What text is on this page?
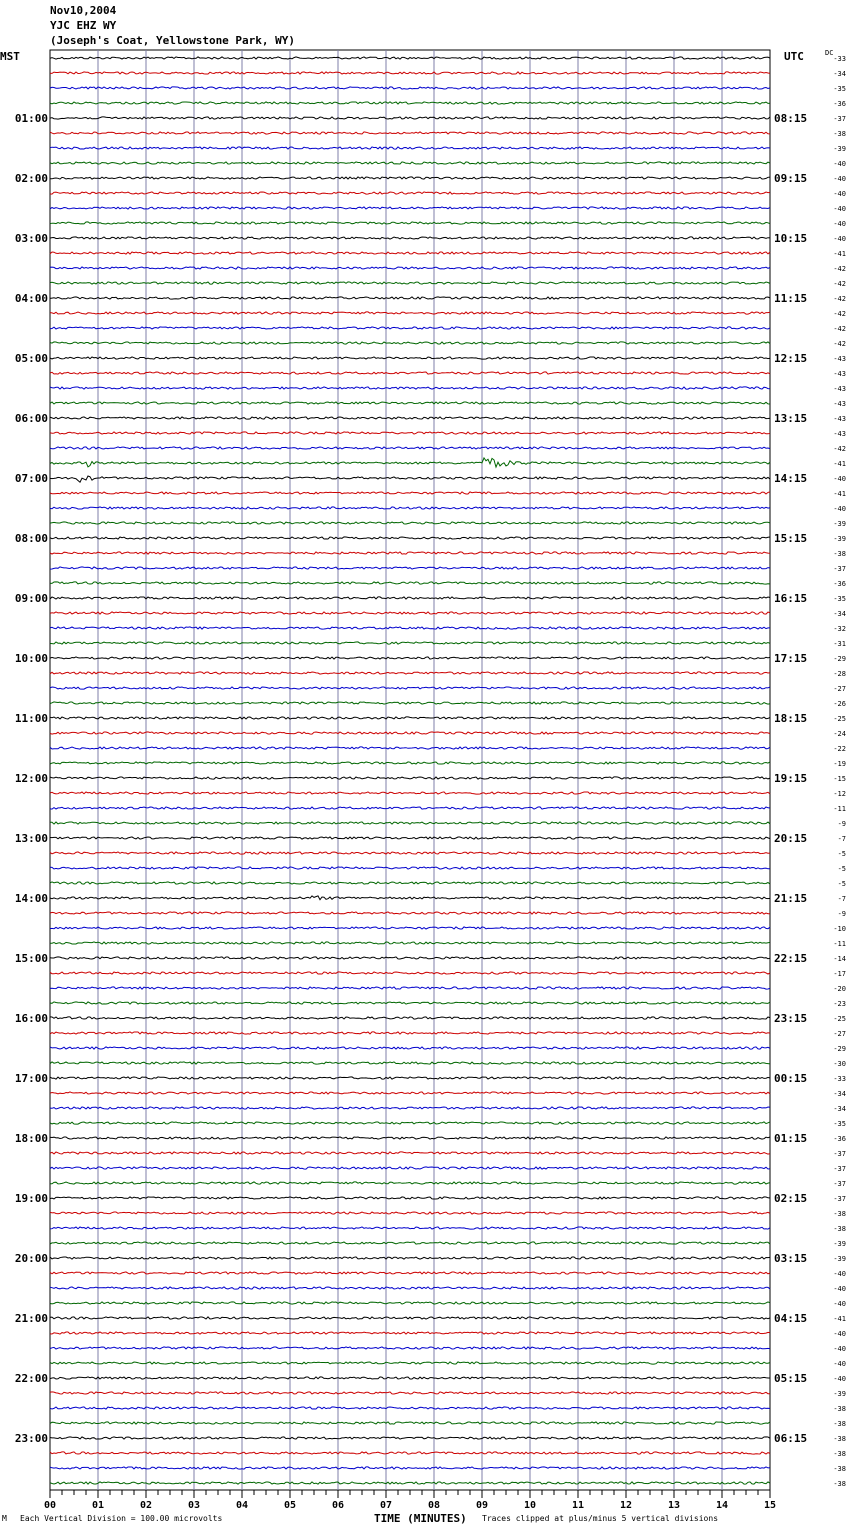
Nov10,2004
YJC EHZ WY
(Joseph's Coat, Yellowstone Park, WY)
MST	UTC	DC
-33
-34
-35
-36
-37
-38
-39
-40
-40
-40
-40
-40
-40
-41
-42
-42
-42
-42
-42
-42
-43
-43
-43
-43
-43
-43
-42
-41
-40
-41
-40
-39
-39
-38
-37
-36
-35
-34
-32
-31
-29
-28
-27
-26
-25
-24
-22
-19
-15
-12
-11
-9
-7
-5
-5
-5
-7
-9
-10
-11
-14
-17
-20
-23
-25
-27
-29
-30
-33
-34
-34
-35
-36
-37
-37
-37
-37
-38
-38
-39
-39
-40
-40
-40
-41
-40
-40
-40
-40
-39
-38
-38
-38
-38
-38
-38
01:00	08:15
02:00	09:15
03:00	10:15
04:00	11:15
05:00	12:15
06:00	13:15
07:00	14:15
08:00	15:15
09:00	16:15
10:00	17:15
11:00	18:15
12:00	19:15
13:00	20:15
14:00	21:15
15:00	22:15
16:00	23:15
17:00	00:15
18:00	01:15
19:00	02:15
20:00	03:15
21:00	04:15
22:00	05:15
23:00	06:15
00	01	02	03	04	05	06	07	08	09	10	11	12	13	14	15
M Each Vertical Division = 100.00 microvolts	Traces clipped at plus/minus 5 vertical divisions
TIME (MINUTES)
